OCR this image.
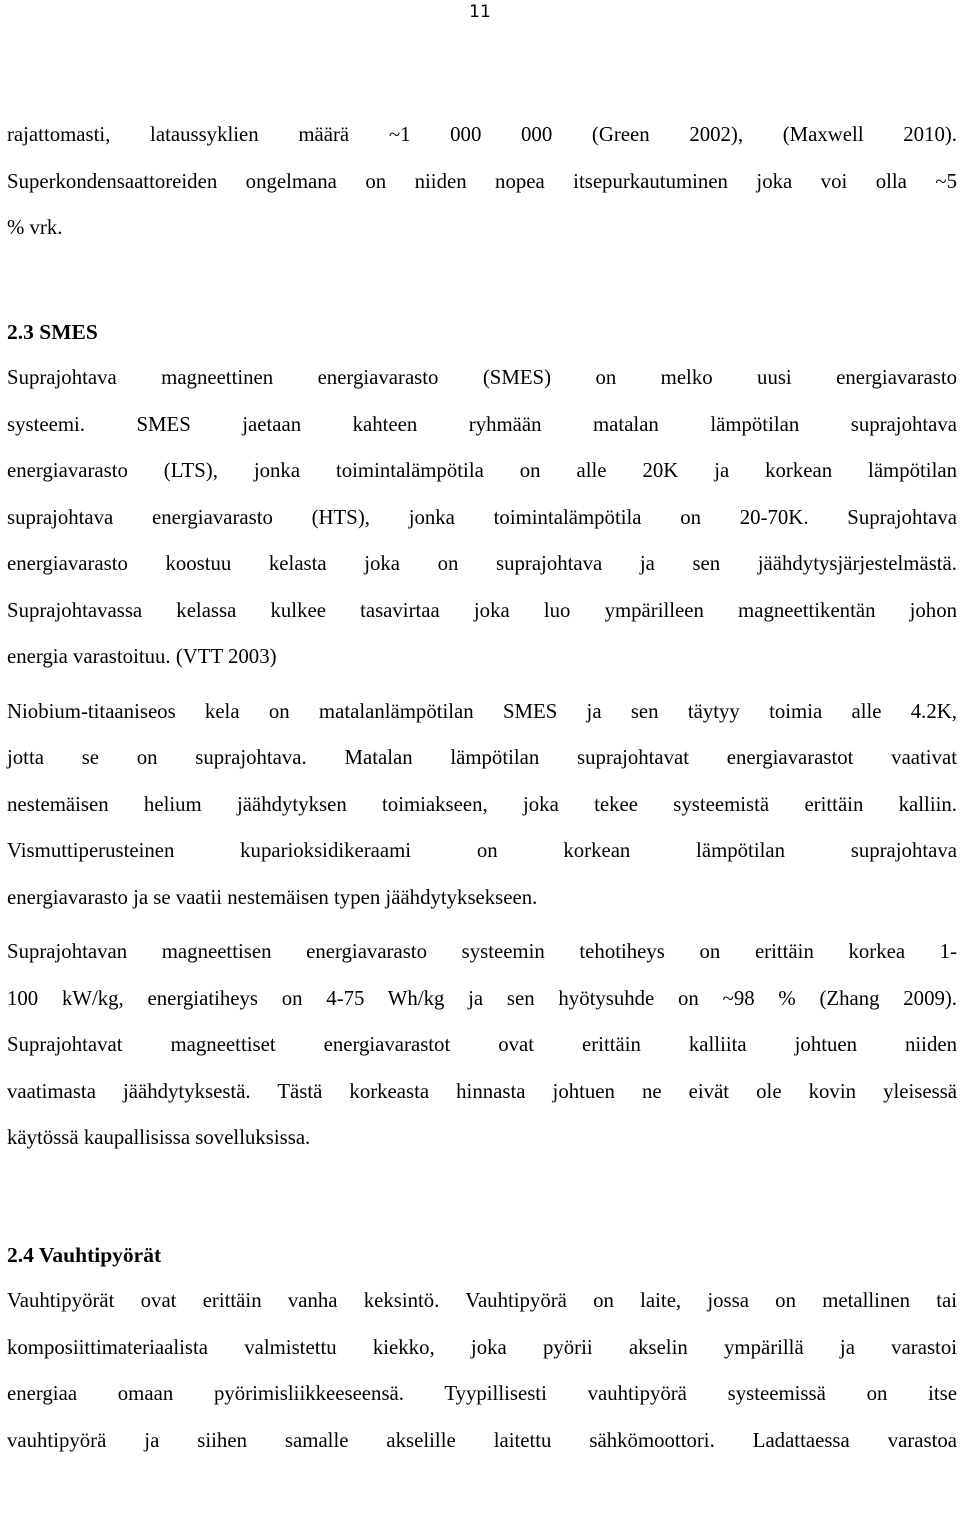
11

rajattomasti, lataussyklien määrä ~1 000 000 (Green 2002), (Maxwell 2010).
Superkondensaattoreiden ongelmana on niiden nopea itsepurkautuminen joka voi olla ~5
% vrk.

2.3 SMES

Suprajohtava magneettinen energiavarasto (SMES) on melko uusi energiavarasto
systeemi. SMES jaetaan kahteen ryhmään matalan lämpötilan suprajohtava
energiavarasto (LTS), jonka toimintalämpötila on alle 20K ja korkean lämpötilan
suprajohtava energiavarasto (HTS), jonka toimintalämpötila on 20-70K. Suprajohtava
energiavarasto koostuu kelasta joka on suprajohtava ja sen jäähdytysjärjestelmästä.
Suprajohtavassa kelassa kulkee tasavirtaa joka luo ympärilleen magneettikentän johon
energia varastoituu. (VTT 2003)

Niobium-titaaniseos kela on matalanlämpötilan SMES ja sen täytyy toimia alle 4.2K,
jotta se on suprajohtava. Matalan lämpötilan suprajohtavat energiavarastot vaativat
nestemäisen helium jäähdytyksen toimiakseen, joka tekee systeemistä erittäin kalliin.
Vismuttiperusteinen kuparioksidikeraami on korkean lämpötilan suprajohtava
energiavarasto ja se vaatii nestemäisen typen jäähdytyksekseen.

Suprajohtavan magneettisen energiavarasto systeemin tehotiheys on erittäin korkea 1-
100 kW/kg, energiatiheys on 4-75 Wh/kg ja sen hyötysuhde on ~98 % (Zhang 2009).
Suprajohtavat magneettiset energiavarastot ovat erittäin kalliita johtuen niiden
vaatimasta jäähdytyksestä. Tästä korkeasta hinnasta johtuen ne eivät ole kovin yleisessä
käytössä kaupallisissa sovelluksissa.

2.4 Vauhtipyörät

Vauhtipyörät ovat erittäin vanha keksintö. Vauhtipyörä on laite, jossa on metallinen tai
komposiittimateriaalista valmistettu kiekko, joka pyörii akselin ympärillä ja varastoi
energiaa omaan pyörimisliikkeeseensä. Tyypillisesti vauhtipyörä systeemissä on itse
vauhtipyörä ja siihen samalle akselille laitettu sähkömoottori. Ladattaessa varastoa
